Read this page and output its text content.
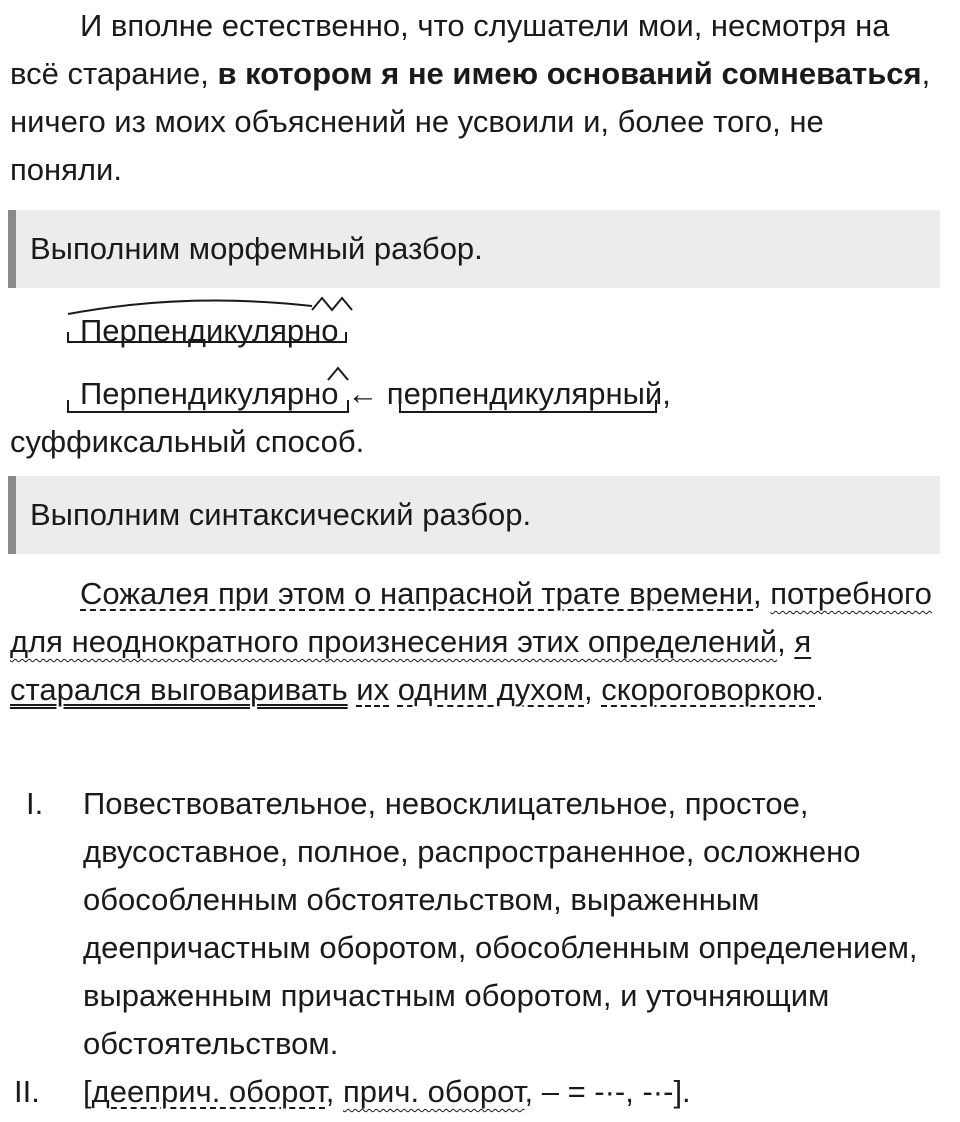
И вполне естественно, что слушатели мои, несмотря на всё старание, в котором я не имею оснований сомневаться, ничего из моих объяснений не усвоили и, более того, не поняли.

Выполним морфемный разбор.

Перпендикулярно

Перпендикулярно ← перпендикулярный,
суффиксальный способ.

Выполним синтаксический разбор.

Сожалея при этом о напрасной трате времени, потребного для неоднократного произнесения этих определений, я старался выговаривать их одним духом, скороговоркою.

I.	Повествовательное, невосклицательное, простое, двусоставное, полное, распространенное, осложнено обособленным обстоятельством, выраженным деепричастным оборотом, обособленным определением, выраженным причастным оборотом, и уточняющим обстоятельством.
II.	[дееприч. оборот, прич. оборот, – = -·-, -·-].
